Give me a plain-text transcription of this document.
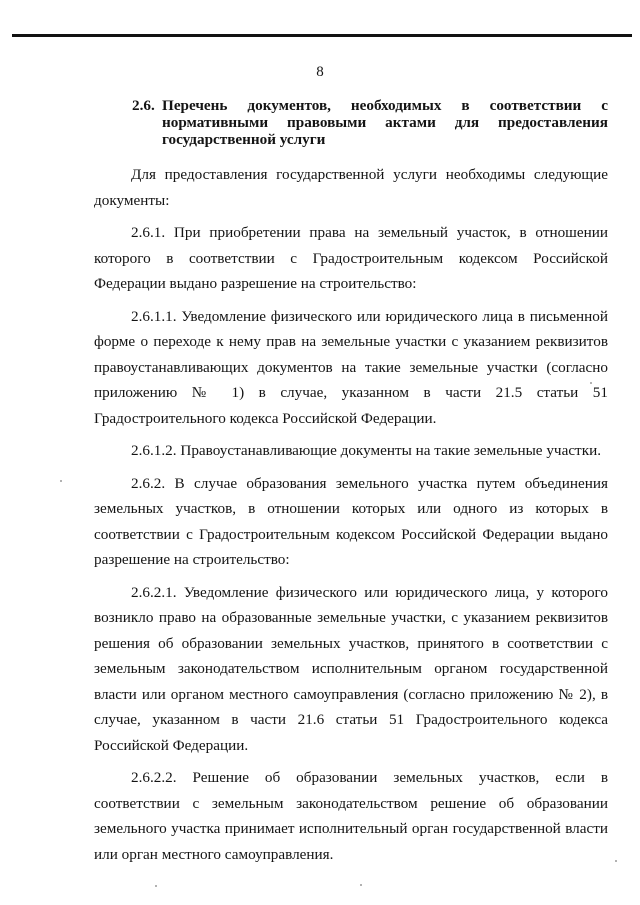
8
2.6. Перечень документов, необходимых в соответствии с нормативными правовыми актами для предоставления государственной услуги

Для предоставления государственной услуги необходимы следующие документы:

2.6.1. При приобретении права на земельный участок, в отношении которого в соответствии с Градостроительным кодексом Российской Федерации выдано разрешение на строительство:

2.6.1.1. Уведомление физического или юридического лица в письменной форме о переходе к нему прав на земельные участки с указанием реквизитов правоустанавливающих документов на такие земельные участки (согласно приложению № 1) в случае, указанном в части 21.5 статьи 51 Градостроительного кодекса Российской Федерации.

2.6.1.2. Правоустанавливающие документы на такие земельные участки.

2.6.2. В случае образования земельного участка путем объединения земельных участков, в отношении которых или одного из которых в соответствии с Градостроительным кодексом Российской Федерации выдано разрешение на строительство:

2.6.2.1. Уведомление физического или юридического лица, у которого возникло право на образованные земельные участки, с указанием реквизитов решения об образовании земельных участков, принятого в соответствии с земельным законодательством исполнительным органом государственной власти или органом местного самоуправления (согласно приложению № 2), в случае, указанном в части 21.6 статьи 51 Градостроительного кодекса Российской Федерации.

2.6.2.2. Решение об образовании земельных участков, если в соответствии с земельным законодательством решение об образовании земельного участка принимает исполнительный орган государственной власти или орган местного самоуправления.
